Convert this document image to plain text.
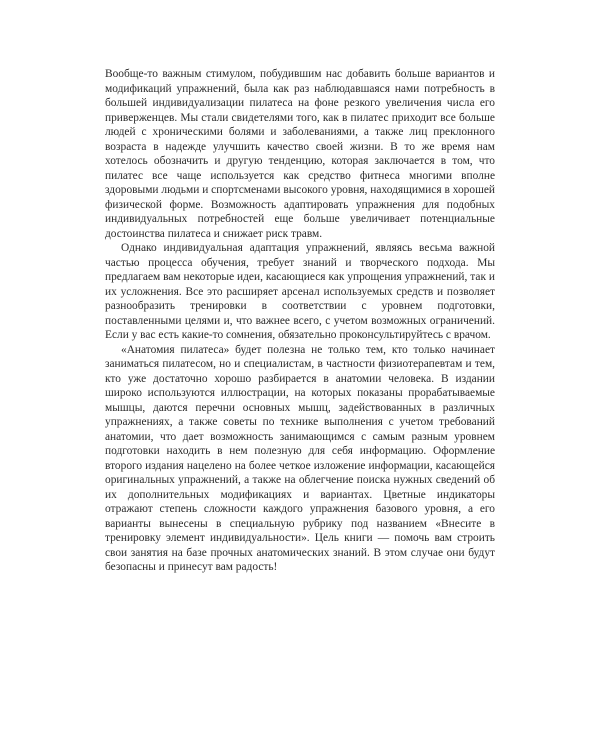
Вообще-то важным стимулом, побудившим нас добавить больше вариантов и модификаций упражнений, была как раз наблюдавшаяся нами потребность в большей индивидуализации пилатеса на фоне резкого увеличения числа его приверженцев. Мы стали свидетелями того, как в пилатес приходит все больше людей с хроническими болями и заболеваниями, а также лиц преклонного возраста в надежде улучшить качество своей жизни. В то же время нам хотелось обозначить и другую тенденцию, которая заключается в том, что пилатес все чаще используется как средство фитнеса многими вполне здоровыми людьми и спортсменами высокого уровня, находящимися в хорошей физической форме. Возможность адаптировать упражнения для подобных индивидуальных потребностей еще больше увеличивает потенциальные достоинства пилатеса и снижает риск травм.

Однако индивидуальная адаптация упражнений, являясь весьма важной частью процесса обучения, требует знаний и творческого подхода. Мы предлагаем вам некоторые идеи, касающиеся как упрощения упражнений, так и их усложнения. Все это расширяет арсенал используемых средств и позволяет разнообразить тренировки в соответствии с уровнем подготовки, поставленными целями и, что важнее всего, с учетом возможных ограничений. Если у вас есть какие-то сомнения, обязательно проконсультируйтесь с врачом.

«Анатомия пилатеса» будет полезна не только тем, кто только начинает заниматься пилатесом, но и специалистам, в частности физиотерапевтам и тем, кто уже достаточно хорошо разбирается в анатомии человека. В издании широко используются иллюстрации, на которых показаны прорабатываемые мышцы, даются перечни основных мышц, задействованных в различных упражнениях, а также советы по технике выполнения с учетом требований анатомии, что дает возможность занимающимся с самым разным уровнем подготовки находить в нем полезную для себя информацию. Оформление второго издания нацелено на более четкое изложение информации, касающейся оригинальных упражнений, а также на облегчение поиска нужных сведений об их дополнительных модификациях и вариантах. Цветные индикаторы отражают степень сложности каждого упражнения базового уровня, а его варианты вынесены в специальную рубрику под названием «Внесите в тренировку элемент индивидуальности». Цель книги — помочь вам строить свои занятия на базе прочных анатомических знаний. В этом случае они будут безопасны и принесут вам радость!
